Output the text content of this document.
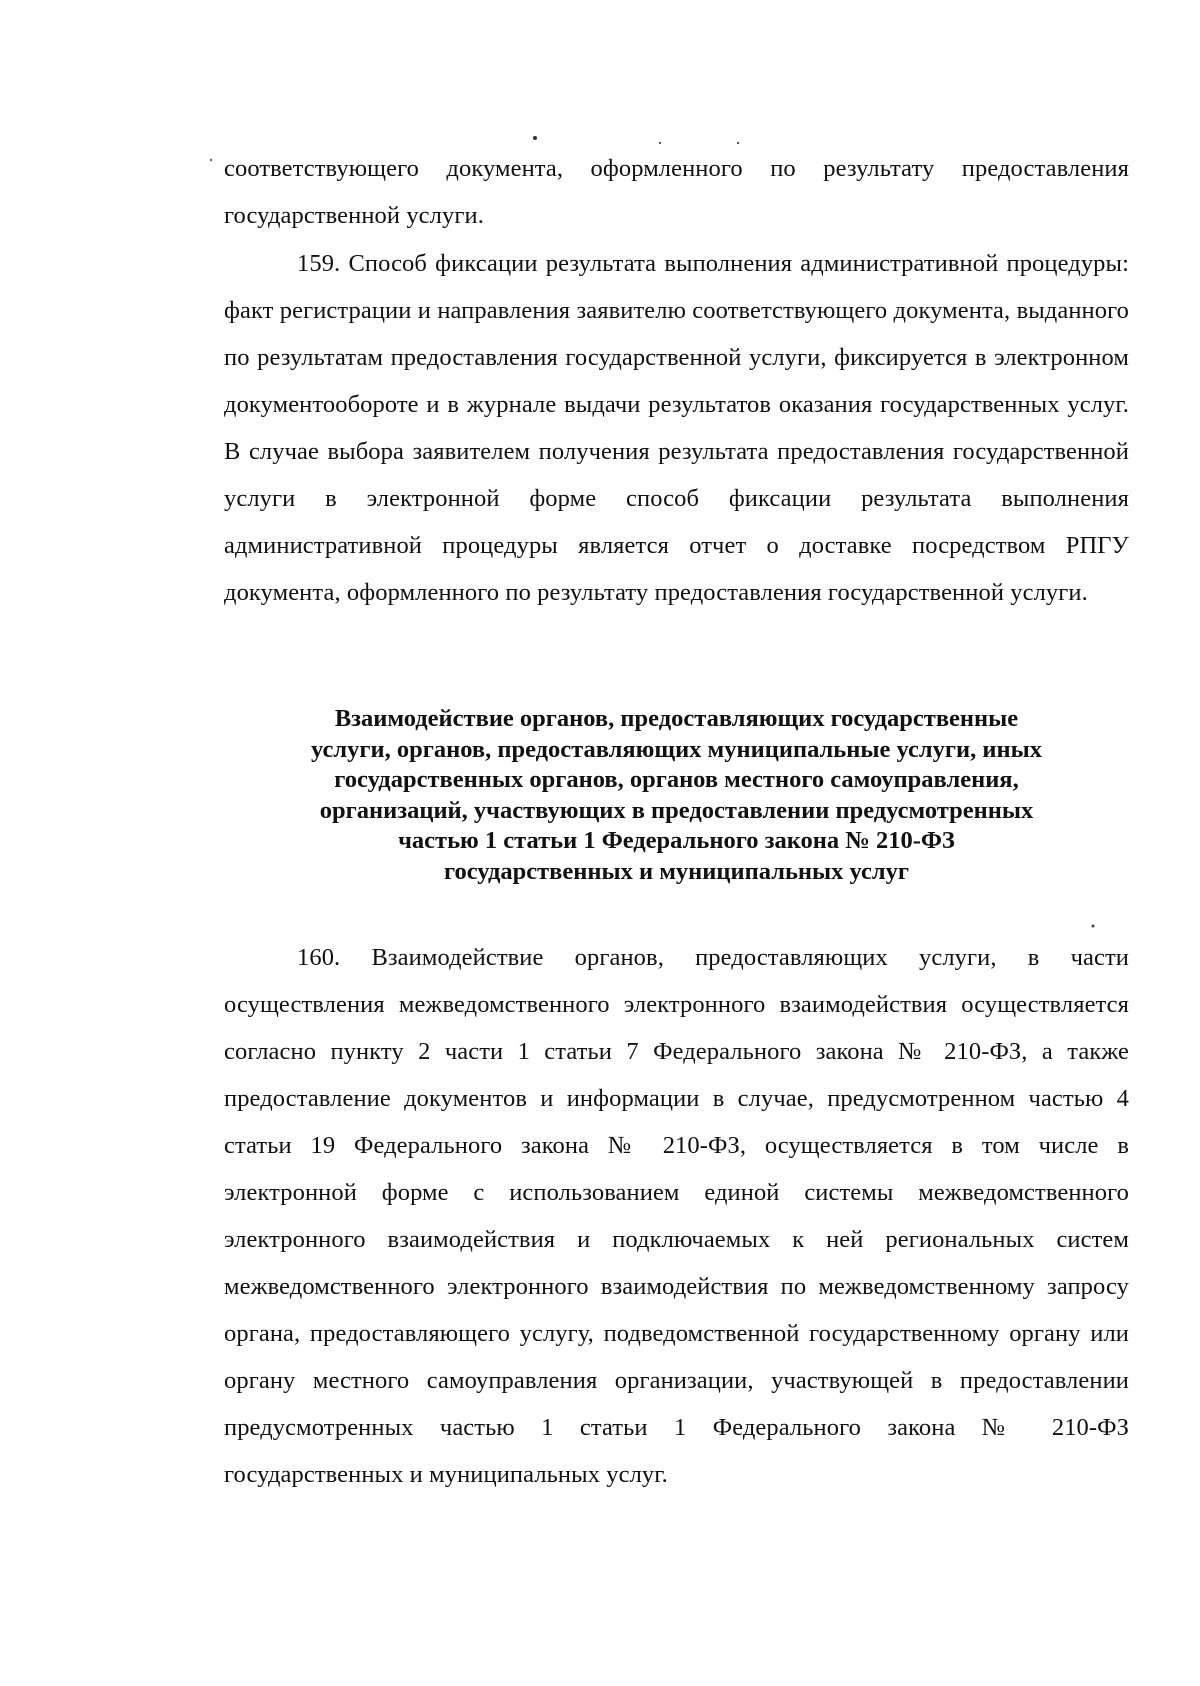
соответствующего документа, оформленного по результату предоставления государственной услуги.

159. Способ фиксации результата выполнения административной процедуры: факт регистрации и направления заявителю соответствующего документа, выданного по результатам предоставления государственной услуги, фиксируется в электронном документообороте и в журнале выдачи результатов оказания государственных услуг. В случае выбора заявителем получения результата предоставления государственной услуги в электронной форме способ фиксации результата выполнения административной процедуры является отчет о доставке посредством РПГУ документа, оформленного по результату предоставления государственной услуги.

Взаимодействие органов, предоставляющих государственные
услуги, органов, предоставляющих муниципальные услуги, иных
государственных органов, органов местного самоуправления,
организаций, участвующих в предоставлении предусмотренных
частью 1 статьи 1 Федерального закона № 210-ФЗ
государственных и муниципальных услуг

160. Взаимодействие органов, предоставляющих услуги, в части осуществления межведомственного электронного взаимодействия осуществляется согласно пункту 2 части 1 статьи 7 Федерального закона № 210-ФЗ, а также предоставление документов и информации в случае, предусмотренном частью 4 статьи 19 Федерального закона № 210-ФЗ, осуществляется в том числе в электронной форме с использованием единой системы межведомственного электронного взаимодействия и подключаемых к ней региональных систем межведомственного электронного взаимодействия по межведомственному запросу органа, предоставляющего услугу, подведомственной государственному органу или органу местного самоуправления организации, участвующей в предоставлении предусмотренных частью 1 статьи 1 Федерального закона № 210-ФЗ государственных и муниципальных услуг.
